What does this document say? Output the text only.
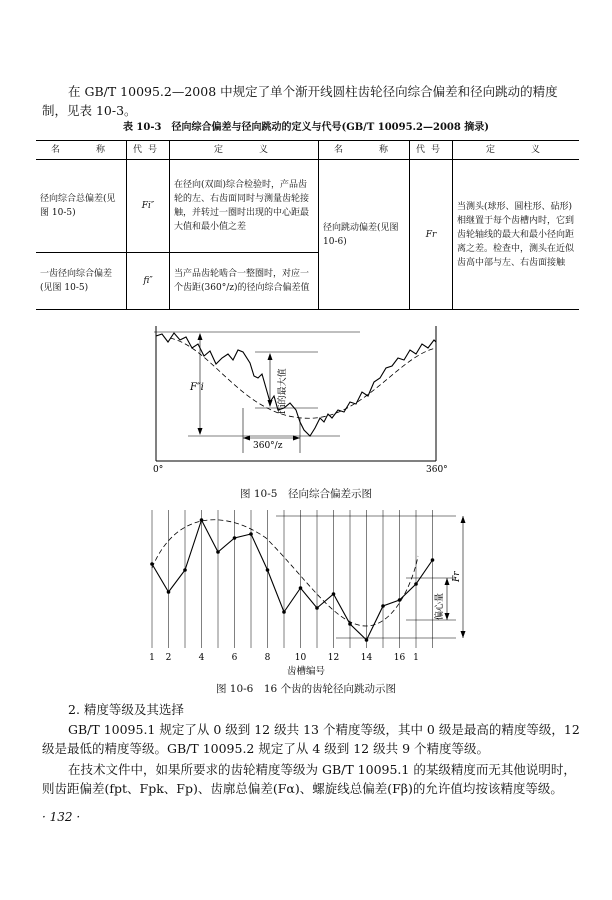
在 GB/T 10095.2—2008 中规定了单个渐开线圆柱齿轮径向综合偏差和径向跳动的精度制，见表 10-3。

表 10-3　径向综合偏差与径向跳动的定义与代号(GB/T 10095.2—2008 摘录)
名　　称	代号	定　　义	名　　称	代号	定　　义
径向综合总偏差(见图 10-5)	Fi″	在径向(双面)综合检验时，产品齿轮的左、右齿面同时与测量齿轮接触，并转过一圈时出现的中心距最大值和最小值之差	径向跳动偏差(见图 10-6)	Fr	当测头(球形、圆柱形、砧形)相继置于每个齿槽内时，它到齿轮轴线的最大和最小径向距离之差。检查中，测头在近似齿高中部与左、右齿面接触
一齿径向综合偏差(见图 10-5)	fi″	当产品齿轮啮合一整圈时，对应一个齿距(360°/z)的径向综合偏差值			
F″i	f″i的最大值
360°/z
0°	360°
图 10-5　径向综合偏差示图
1 2	4	6	8	10 12 14 16 1
Fr
偏心量
齿槽编号
图 10-6　16 个齿的齿轮径向跳动示图

2. 精度等级及其选择

GB/T 10095.1 规定了从 0 级到 12 级共 13 个精度等级，其中 0 级是最高的精度等级，12 级是最低的精度等级。GB/T 10095.2 规定了从 4 级到 12 级共 9 个精度等级。

在技术文件中，如果所要求的齿轮精度等级为 GB/T 10095.1 的某级精度而无其他说明时，则齿距偏差(fpt、Fpk、Fp)、齿廓总偏差(Fα)、螺旋线总偏差(Fβ)的允许值均按该精度等级。

· 132 ·
